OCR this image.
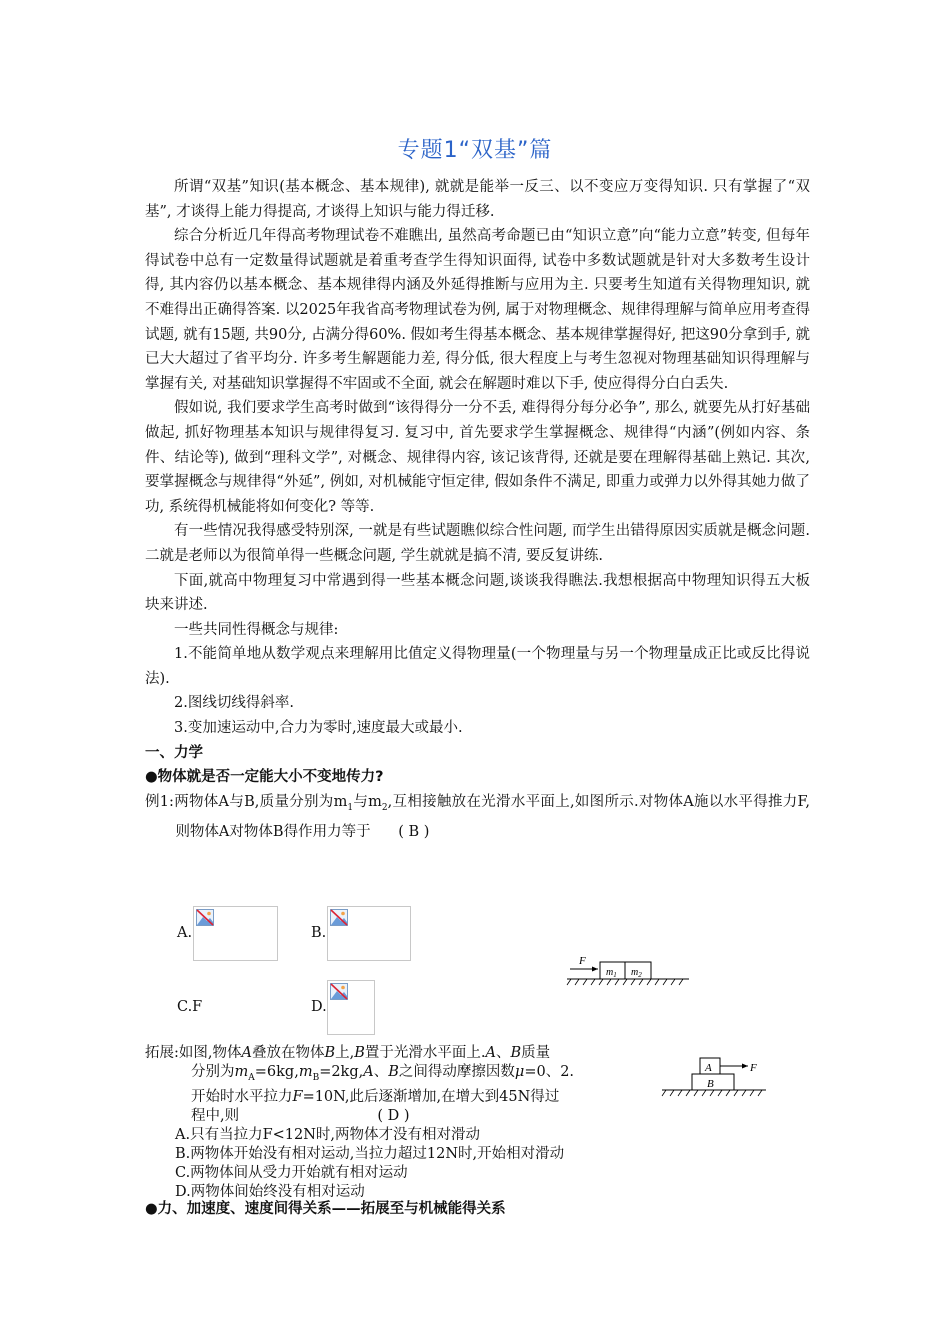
专题1“双基”篇

所谓“双基”知识(基本概念、基本规律), 就就是能举一反三、以不变应万变得知识. 只有掌握了“双基”, 才谈得上能力得提高, 才谈得上知识与能力得迁移.

综合分析近几年得高考物理试卷不难瞧出, 虽然高考命题已由“知识立意”向“能力立意”转变, 但每年得试卷中总有一定数量得试题就是着重考查学生得知识面得, 试卷中多数试题就是针对大多数考生设计得, 其内容仍以基本概念、基本规律得内涵及外延得推断与应用为主. 只要考生知道有关得物理知识, 就不难得出正确得答案. 以2025年我省高考物理试卷为例, 属于对物理概念、规律得理解与简单应用考查得试题, 就有15题, 共90分, 占满分得60%. 假如考生得基本概念、基本规律掌握得好, 把这90分拿到手, 就已大大超过了省平均分. 许多考生解题能力差, 得分低, 很大程度上与考生忽视对物理基础知识得理解与掌握有关, 对基础知识掌握得不牢固或不全面, 就会在解题时难以下手, 使应得得分白白丢失.

假如说, 我们要求学生高考时做到“该得得分一分不丢, 难得得分每分必争”, 那么, 就要先从打好基础做起, 抓好物理基本知识与规律得复习. 复习中, 首先要求学生掌握概念、规律得“内涵”(例如内容、条件、结论等), 做到“理科文学”, 对概念、规律得内容, 该记该背得, 还就是要在理解得基础上熟记. 其次, 要掌握概念与规律得“外延”, 例如, 对机械能守恒定律, 假如条件不满足, 即重力或弹力以外得其她力做了功, 系统得机械能将如何变化? 等等.

有一些情况我得感受特别深, 一就是有些试题瞧似综合性问题, 而学生出错得原因实质就是概念问题. 二就是老师以为很简单得一些概念问题, 学生就就是搞不清, 要反复讲练.

下面,就高中物理复习中常遇到得一些基本概念问题,谈谈我得瞧法.我想根据高中物理知识得五大板块来讲述.

一些共同性得概念与规律:

1.不能简单地从数学观点来理解用比值定义得物理量(一个物理量与另一个物理量成正比或反比得说法).

2.图线切线得斜率.

3.变加速运动中,合力为零时,速度最大或最小.

一、力学

●物体就是否一定能大小不变地传力?

例1:两物体A与B,质量分别为$m_1$与$m_2$,互相接触放在光滑水平面上,如图所示.对物体A施以水平得推力F,则物体A对物体B得作用力等于 ( B )

A.	B.
C.F	D.
F
$m_1$ $m_2$

拓展:如图,物体A叠放在物体B上,B置于光滑水平面上.A、B质量

分别为$m_A=6kg,m_B=2kg,A$、B之间得动摩擦因数μ=0、2.

开始时水平拉力F=10N,此后逐渐增加,在增大到45N得过

程中,则	( D )

A.只有当拉力F<12N时,两物体才没有相对滑动

B.两物体开始没有相对运动,当拉力超过12N时,开始相对滑动

C.两物体间从受力开始就有相对运动

D.两物体间始终没有相对运动

A
B
F
●力、加速度、速度间得关系——拓展至与机械能得关系
